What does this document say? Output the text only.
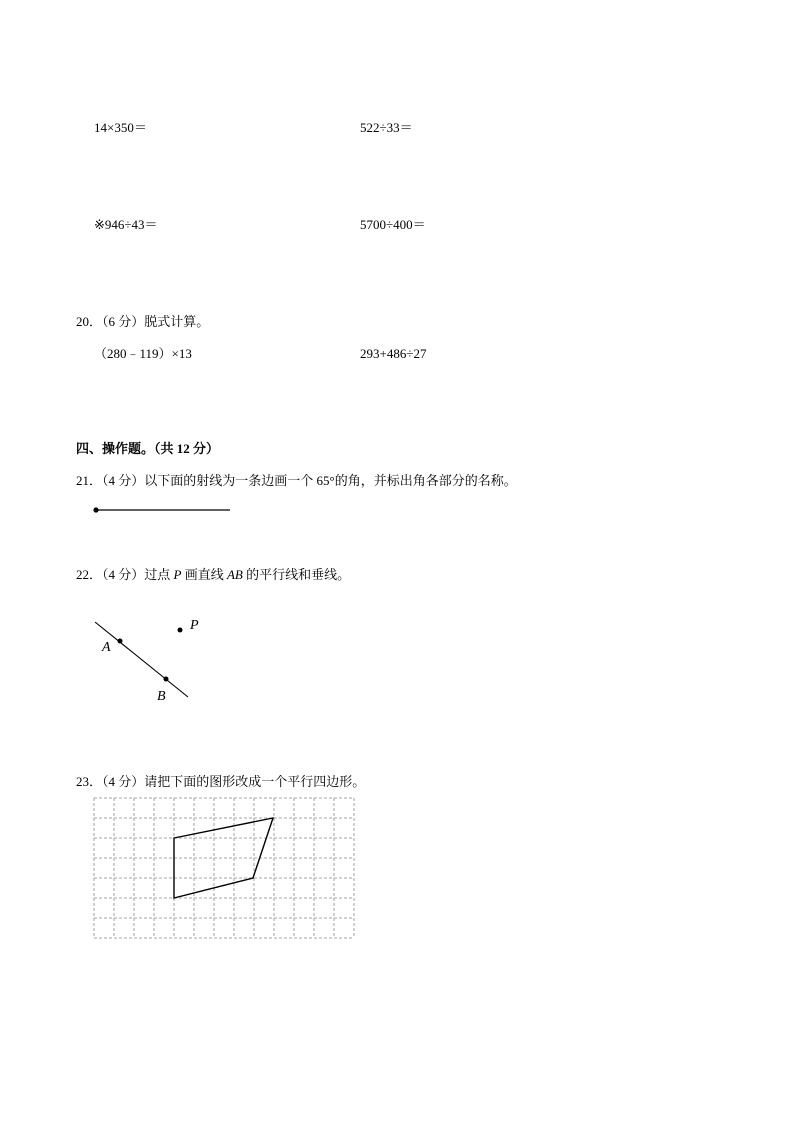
14×350＝	522÷33＝
※946÷43＝	5700÷400＝
20．（6 分）脱式计算。
（280﹣119）×13	293+486÷27
四、操作题。（共 12 分）
21．（4 分）以下面的射线为一条边画一个 65°的角，并标出角各部分的名称。
22．（4 分）过点 P 画直线 AB 的平行线和垂线。
P
A
B
23．（4 分）请把下面的图形改成一个平行四边形。
